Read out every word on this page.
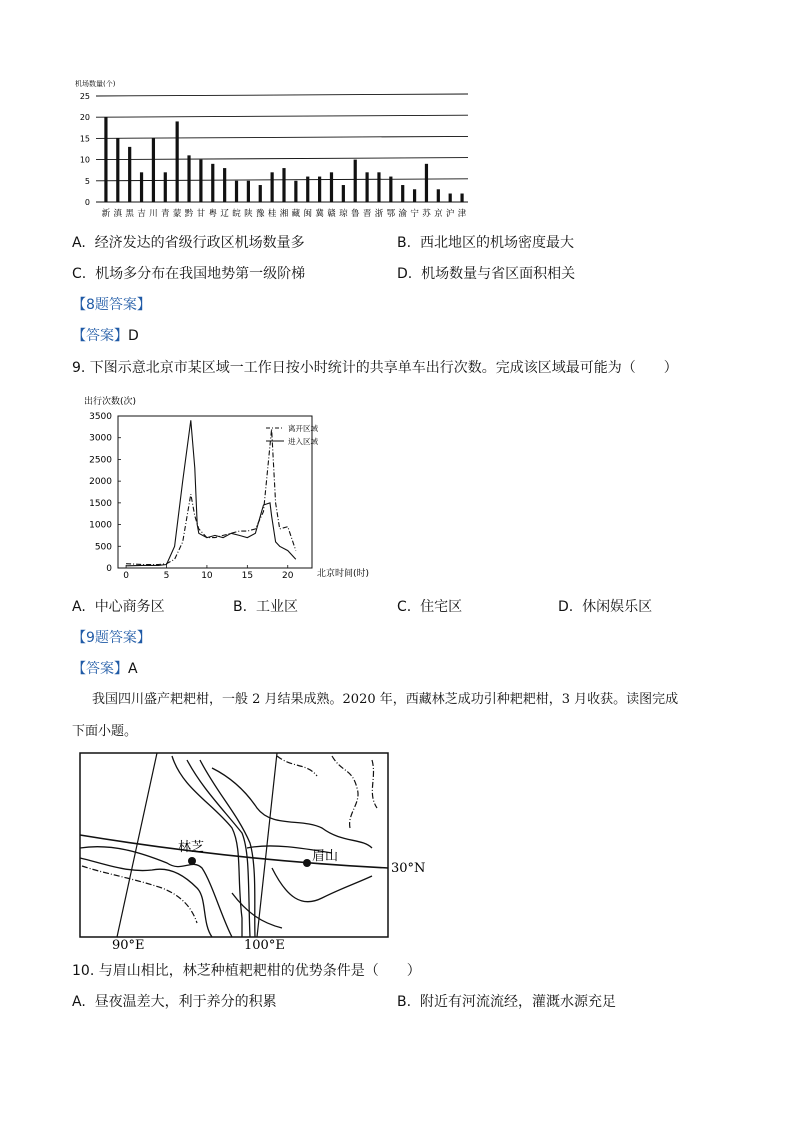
机场数量(个)
25
20
15
10
5
0
新 滇 黑 吉 川 青 蒙 黔 甘 粤 辽 皖 陕 豫 桂 湘 藏 闽 冀 赣 琼 鲁 晋 浙 鄂 渝 宁 苏 京 沪 津
A. 经济发达的省级行政区机场数量多	B. 西北地区的机场密度最大
C. 机场多分布在我国地势第一级阶梯	D. 机场数量与省区面积相关
【8题答案】
【答案】D
9. 下图示意北京市某区域一工作日按小时统计的共享单车出行次数。完成该区域最可能为（　　）
出行次数(次)
北京时间(时)
3500
3000
2500
2000
1500
1000
500
0
0	5	10	15	20
离开区域
进入区域
A. 中心商务区	B. 工业区	C. 住宅区	D. 休闲娱乐区
【9题答案】
【答案】A
我国四川盛产耙耙柑，一般 2 月结果成熟。2020 年，西藏林芝成功引种耙耙柑，3 月收获。读图完成
下面小题。
林芝
眉山
30°N
90°E	100°E
10. 与眉山相比，林芝种植耙耙柑的优势条件是（　　）
A. 昼夜温差大，利于养分的积累	B. 附近有河流流经，灌溉水源充足
